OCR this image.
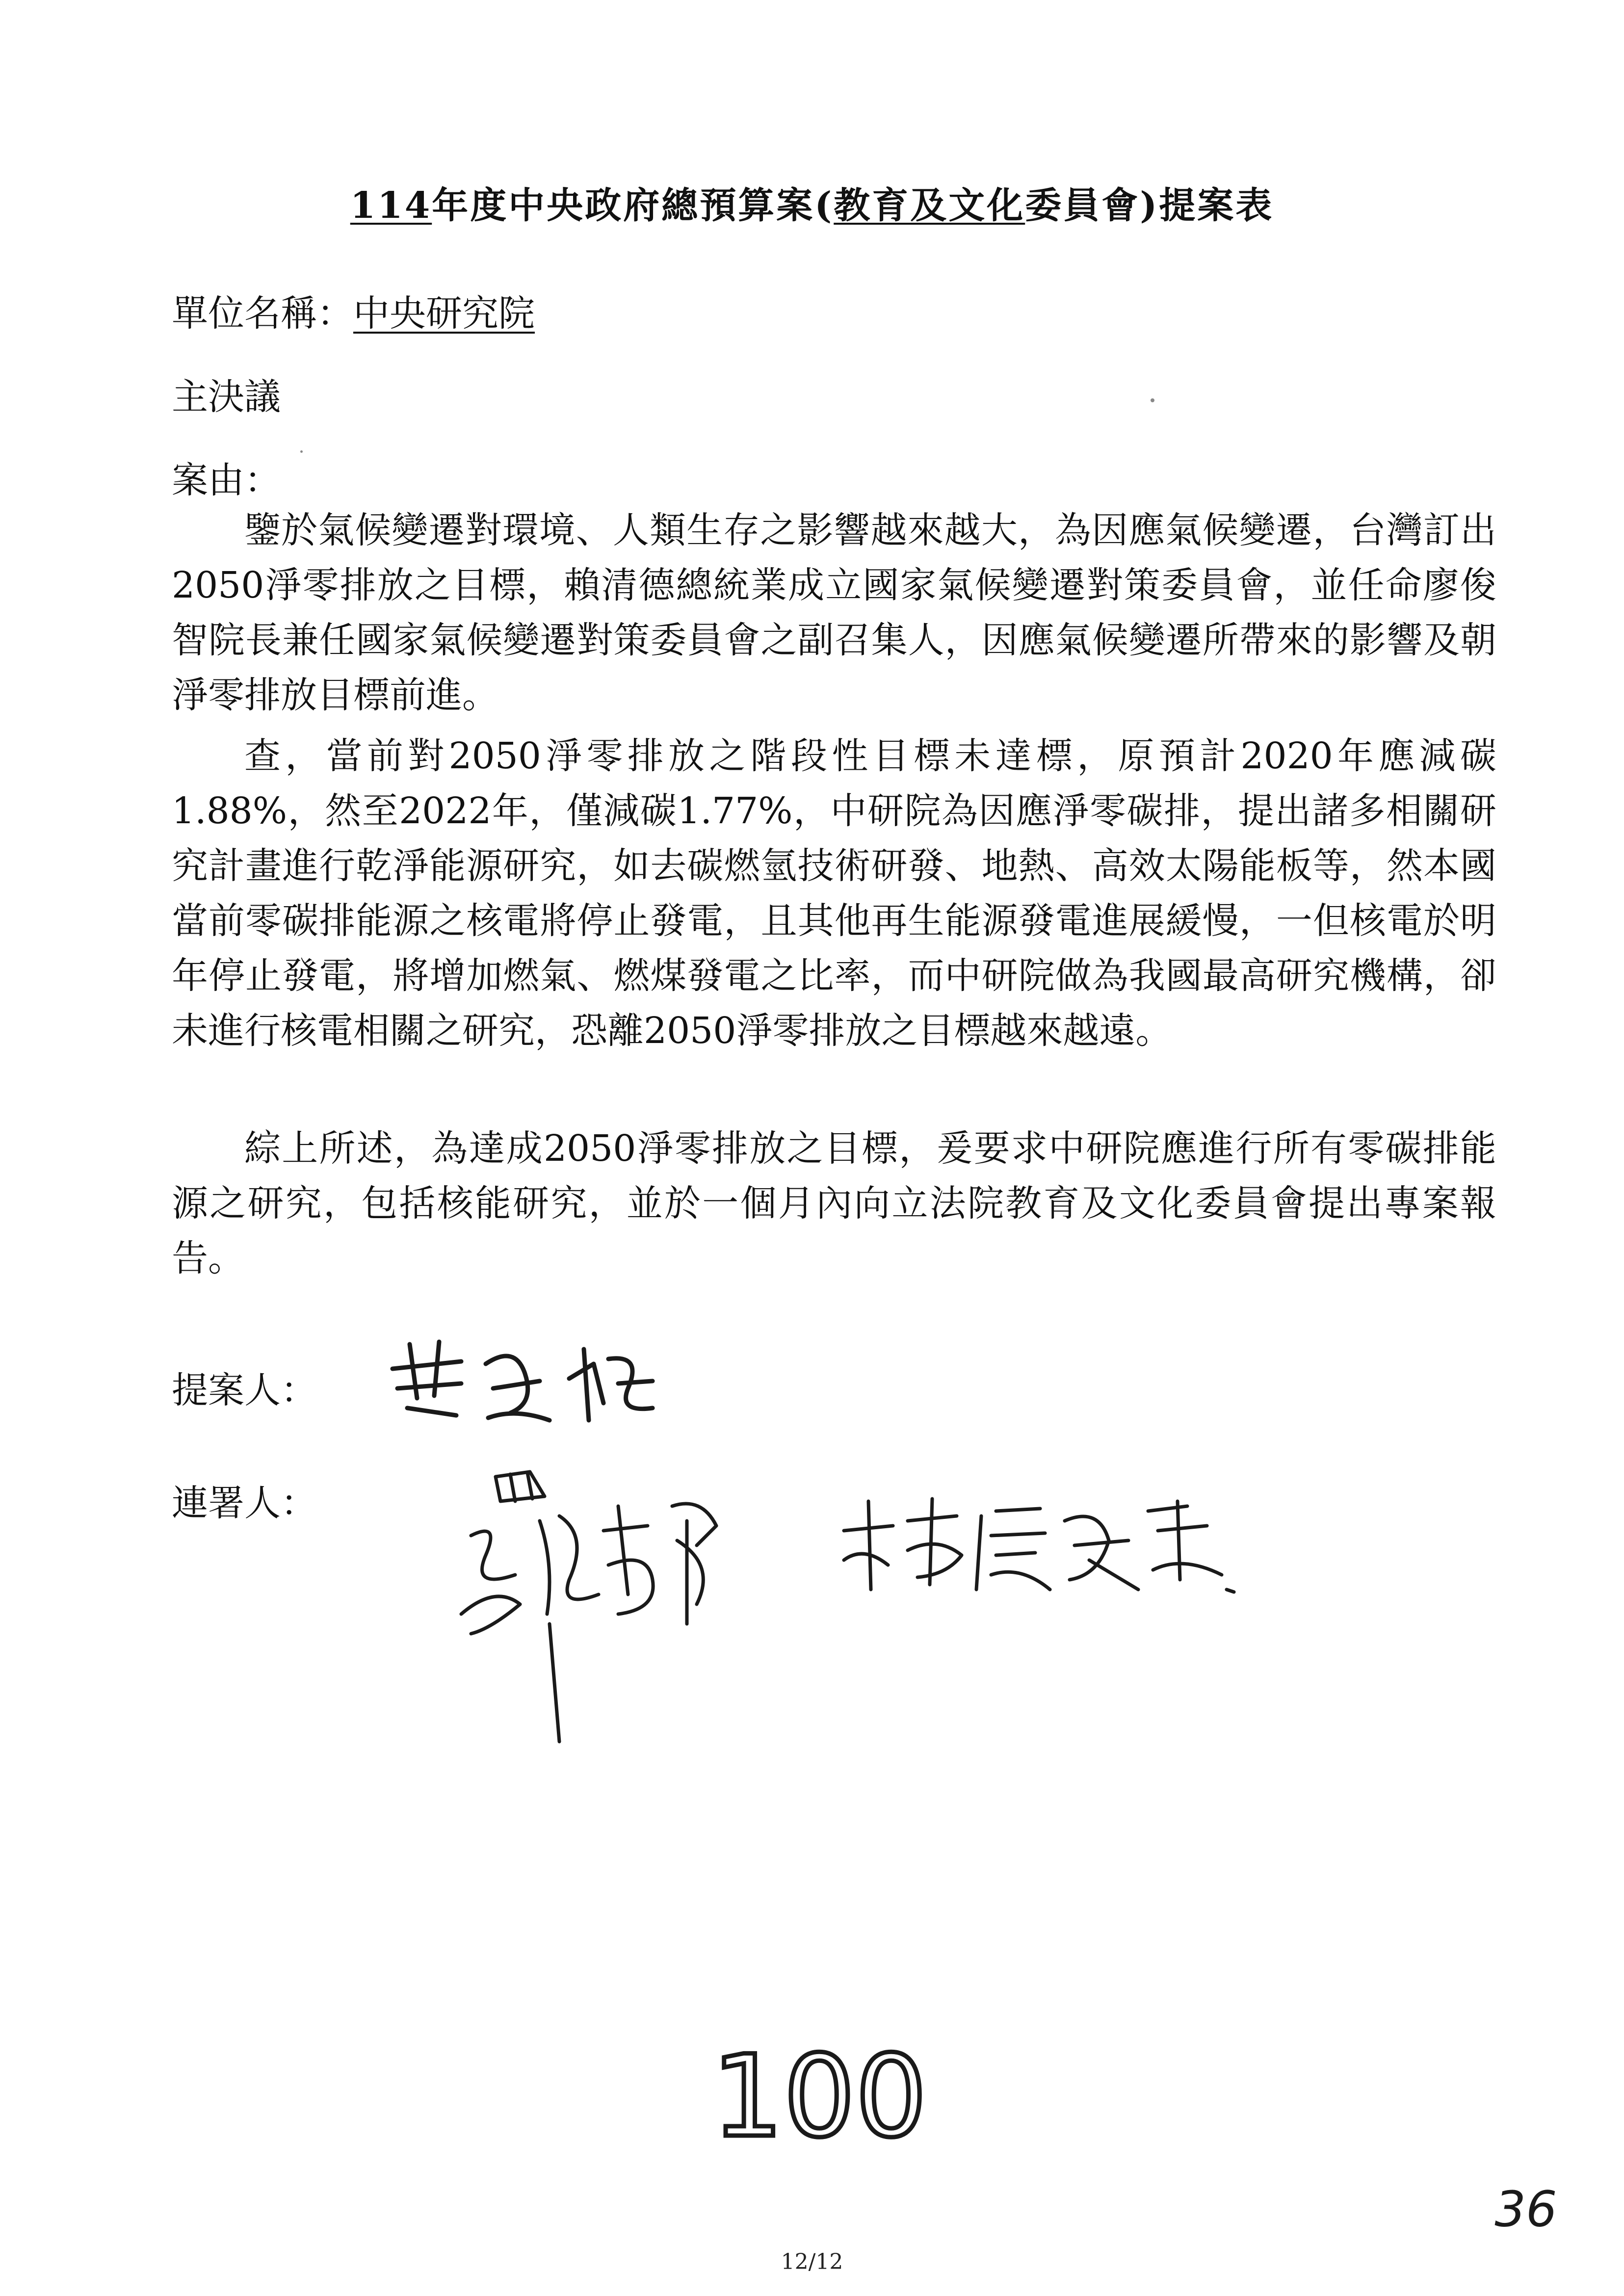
114年度中央政府總預算案(教育及文化委員會)提案表
單位名稱：中央研究院
主決議
案由：

鑒於氣候變遷對環境、人類生存之影響越來越大，為因應氣候變遷，台灣訂出2050淨零排放之目標，賴清德總統業成立國家氣候變遷對策委員會，並任命廖俊智院長兼任國家氣候變遷對策委員會之副召集人，因應氣候變遷所帶來的影響及朝淨零排放目標前進。

查，當前對2050淨零排放之階段性目標未達標，原預計2020年應減碳1.88%，然至2022年，僅減碳1.77%，中研院為因應淨零碳排，提出諸多相關研究計畫進行乾淨能源研究，如去碳燃氫技術研發、地熱、高效太陽能板等，然本國當前零碳排能源之核電將停止發電，且其他再生能源發電進展緩慢，一但核電於明年停止發電，將增加燃氣、燃煤發電之比率，而中研院做為我國最高研究機構，卻未進行核電相關之研究，恐離2050淨零排放之目標越來越遠。

綜上所述，為達成2050淨零排放之目標，爰要求中研院應進行所有零碳排能源之研究，包括核能研究，並於一個月內向立法院教育及文化委員會提出專案報告。

提案人：
連署人：
100
36
12/12
